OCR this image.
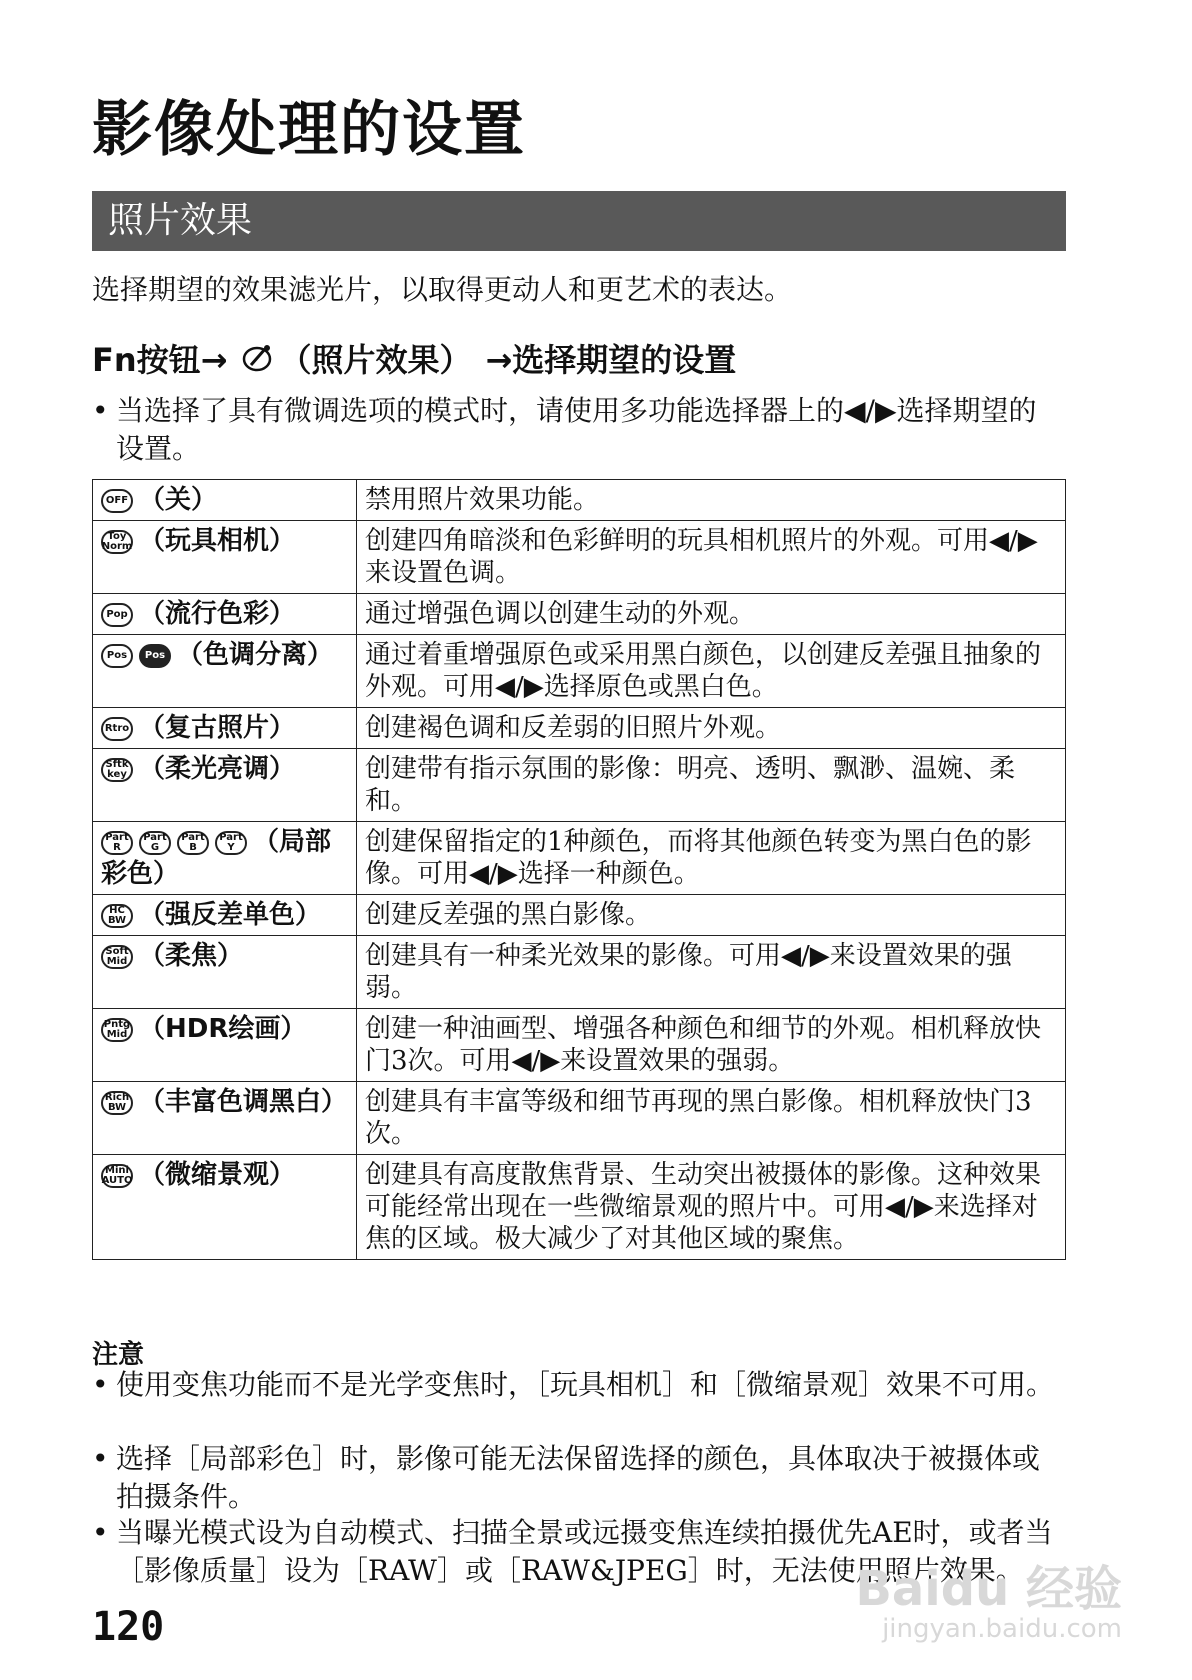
影像处理的设置
照片效果
选择期望的效果滤光片，以取得更动人和更艺术的表达。
Fn按钮→ （照片效果） →选择期望的设置
• 当选择了具有微调选项的模式时，请使用多功能选择器上的◀/▶选择期望的设置。
OFF （关）	禁用照片效果功能。
Toy Norm （玩具相机）	创建四角暗淡和色彩鲜明的玩具相机照片的外观。可用◀/▶来设置色调。
Pop （流行色彩）	通过增强色调以创建生动的外观。
Pos Pos （色调分离）	通过着重增强原色或采用黑白颜色，以创建反差强且抽象的外观。可用◀/▶选择原色或黑白色。
Rtro （复古照片）	创建褐色调和反差弱的旧照片外观。
Sftk key （柔光亮调）	创建带有指示氛围的影像：明亮、透明、飘渺、温婉、柔和。
Part RPart GPart BPart Y （局部彩色）	创建保留指定的1种颜色，而将其他颜色转变为黑白色的影像。可用◀/▶选择一种颜色。
HC BW （强反差单色）	创建反差强的黑白影像。
Soft Mid （柔焦）	创建具有一种柔光效果的影像。可用◀/▶来设置效果的强弱。
Pntg Mid （HDR绘画）	创建一种油画型、增强各种颜色和细节的外观。相机释放快门3次。可用◀/▶来设置效果的强弱。
Rich BW （丰富色调黑白）	创建具有丰富等级和细节再现的黑白影像。相机释放快门3次。
Mini AUTO （微缩景观）	创建具有高度散焦背景、生动突出被摄体的影像。这种效果可能经常出现在一些微缩景观的照片中。可用◀/▶来选择对焦的区域。极大减少了对其他区域的聚焦。
注意
• 使用变焦功能而不是光学变焦时，［玩具相机］和［微缩景观］效果不可用。
• 选择［局部彩色］时，影像可能无法保留选择的颜色，具体取决于被摄体或拍摄条件。
• 当曝光模式设为自动模式、扫描全景或远摄变焦连续拍摄优先AE时，或者当［影像质量］设为［RAW］或［RAW&JPEG］时，无法使用照片效果。
120
Baidu 经验
jingyan.baidu.com
